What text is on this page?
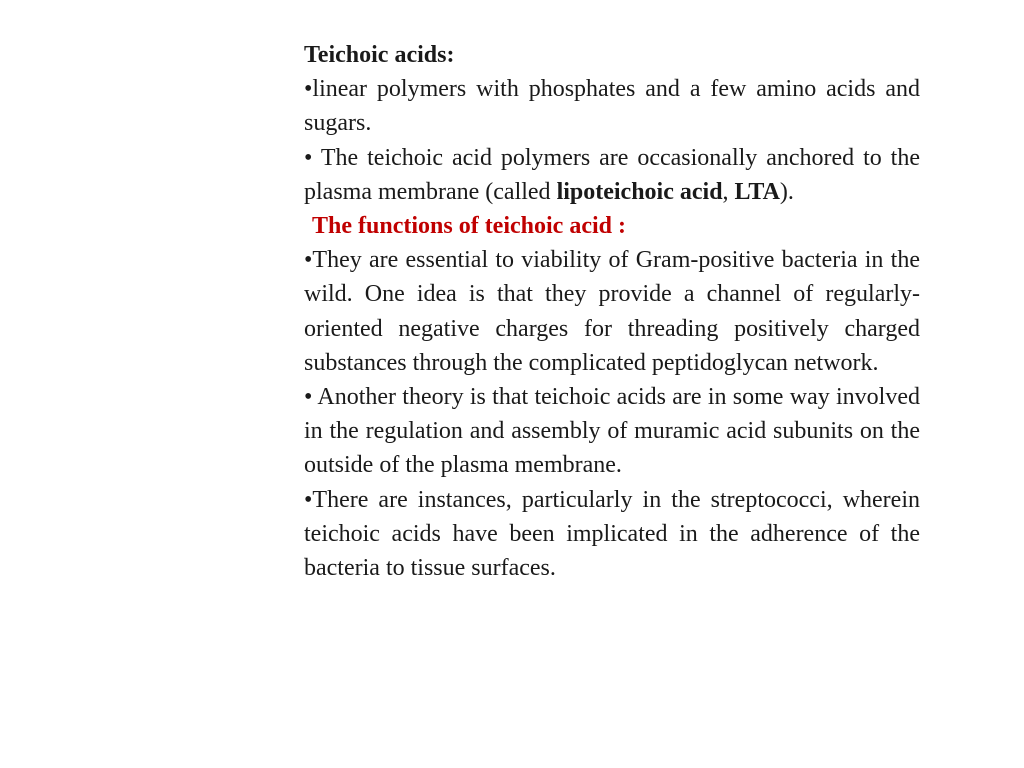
Teichoic acids:

•linear polymers with phosphates and a few amino acids and sugars.

• The teichoic acid polymers are occasionally anchored to the plasma membrane (called lipoteichoic acid, LTA).

The functions of teichoic acid :

•They are essential to viability of Gram-positive bacteria in the wild. One idea is that they provide a channel of regularly-oriented negative charges for threading positively charged substances through the complicated peptidoglycan network.

• Another theory is that teichoic acids are in some way involved in the regulation and assembly of muramic acid subunits on the outside of the plasma membrane.

•There are instances, particularly in the streptococci, wherein teichoic acids have been implicated in the adherence of the bacteria to tissue surfaces.
